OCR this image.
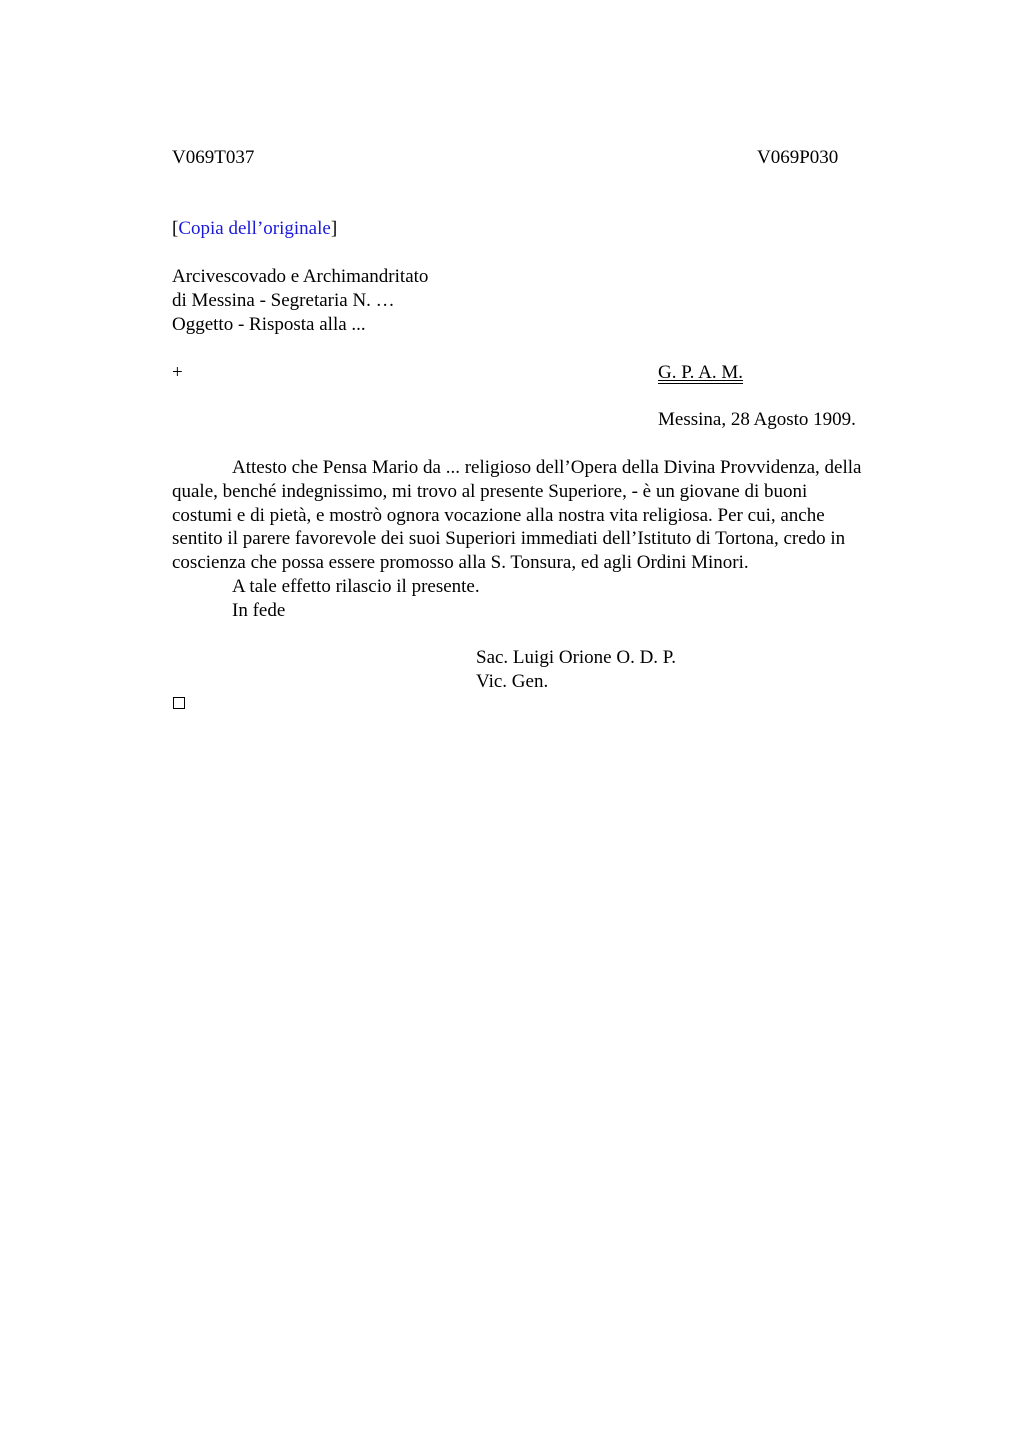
V069T037	V069P030
[Copia dell’originale]
Arcivescovado e Archimandritato
di Messina - Segretaria N. …
Oggetto - Risposta alla ...
+	G. P. A. M.
Messina, 28 Agosto 1909.
Attesto che Pensa Mario da ... religioso dell’Opera della Divina Provvidenza, della
quale, benché indegnissimo, mi trovo al presente Superiore, - è un giovane di buoni
costumi e di pietà, e mostrò ognora vocazione alla nostra vita religiosa. Per cui, anche
sentito il parere favorevole dei suoi Superiori immediati dell’Istituto di Tortona, credo in
coscienza che possa essere promosso alla S. Tonsura, ed agli Ordini Minori.
A tale effetto rilascio il presente.
In fede
Sac. Luigi Orione O. D. P.
Vic. Gen.
